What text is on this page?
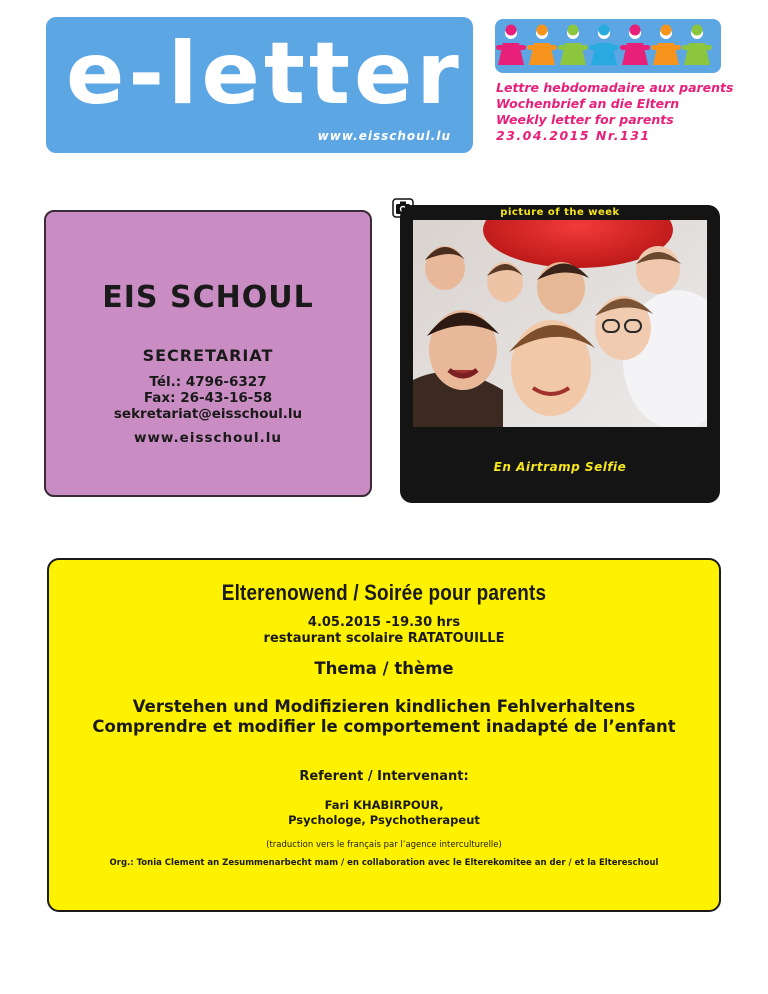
e-letter
www.eisschoul.lu
Lettre hebdomadaire aux parents
Wochenbrief an die Eltern
Weekly letter for parents
23.04.2015 Nr.131
EIS SCHOUL
SECRETARIAT
Tél.: 4796-6327
Fax: 26-43-16-58
sekretariat@eisschoul.lu
www.eisschoul.lu
picture of the week
En Airtramp Selfie
Elterenowend / Soirée pour parents
4.05.2015 -19.30 hrs
restaurant scolaire RATATOUILLE
Thema / thème
Verstehen und Modifizieren kindlichen Fehlverhaltens
Comprendre et modifier le comportement inadapté de l’enfant
Referent / Intervenant:
Fari KHABIRPOUR,
Psychologe, Psychotherapeut
(traduction vers le français par l’agence interculturelle)
Org.: Tonia Clement an Zesummenarbecht mam / en collaboration avec le Elterekomitee an der / et la Eltereschoul
